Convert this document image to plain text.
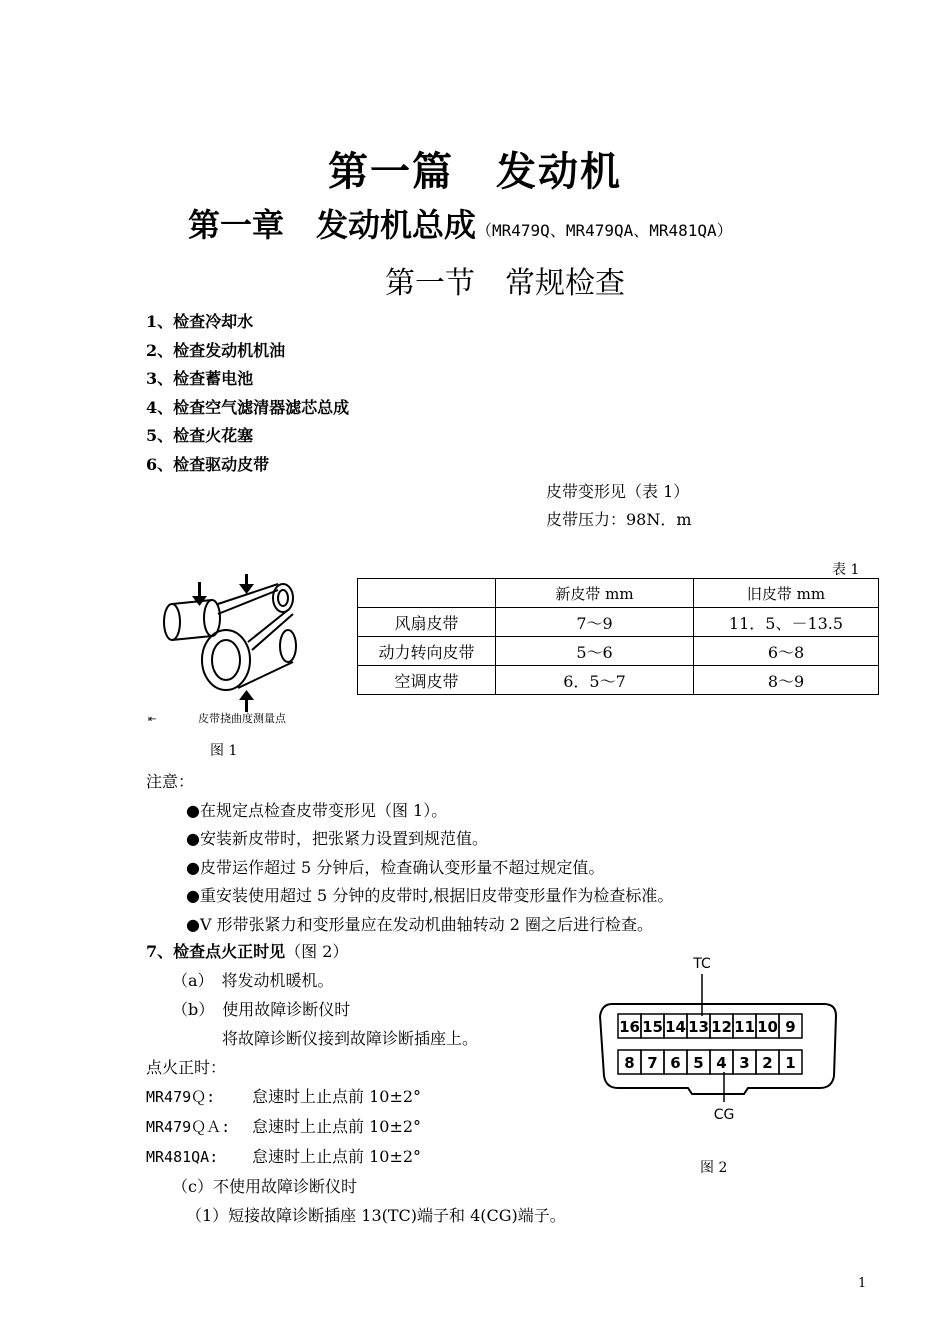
第一篇　发动机
第一章　发动机总成（MR479Q、MR479QA、MR481QA）
第一节　常规检查
1、检查冷却水
2、检查发动机机油
3、检查蓄电池
4、检查空气滤清器滤芯总成
5、检查火花塞
6、检查驱动皮带
皮带变形见（表 1）
皮带压力：98N．m
表 1
	新皮带 mm	旧皮带 mm
风扇皮带	7～9	11．5、－13.5
动力转向皮带	5～6	6～8
空调皮带	6．5～7	8～9
⇤	皮带挠曲度测量点
图 1
注意：
●在规定点检查皮带变形见（图 1）。
●安装新皮带时，把张紧力设置到规范值。
●皮带运作超过 5 分钟后，检查确认变形量不超过规定值。
●重安装使用超过 5 分钟的皮带时,根据旧皮带变形量作为检查标准。
●V 形带张紧力和变形量应在发动机曲轴转动 2 圈之后进行检查。
7、检查点火正时见（图 2）
（a）　将发动机暖机。
（b）　使用故障诊断仪时
将故障诊断仪接到故障诊断插座上。
点火正时：
MR479Ｑ: 怠速时上止点前 10±2°
MR479ＱＡ: 怠速时上止点前 10±2°
MR481QA: 怠速时上止点前 10±2°
（c）不使用故障诊断仪时
（1）短接故障诊断插座 13(TC)端子和 4(CG)端子。
TC
16 15 14 13 12 11 10 9
8 7 6 5 4 3 2 1
CG
图 2
1
